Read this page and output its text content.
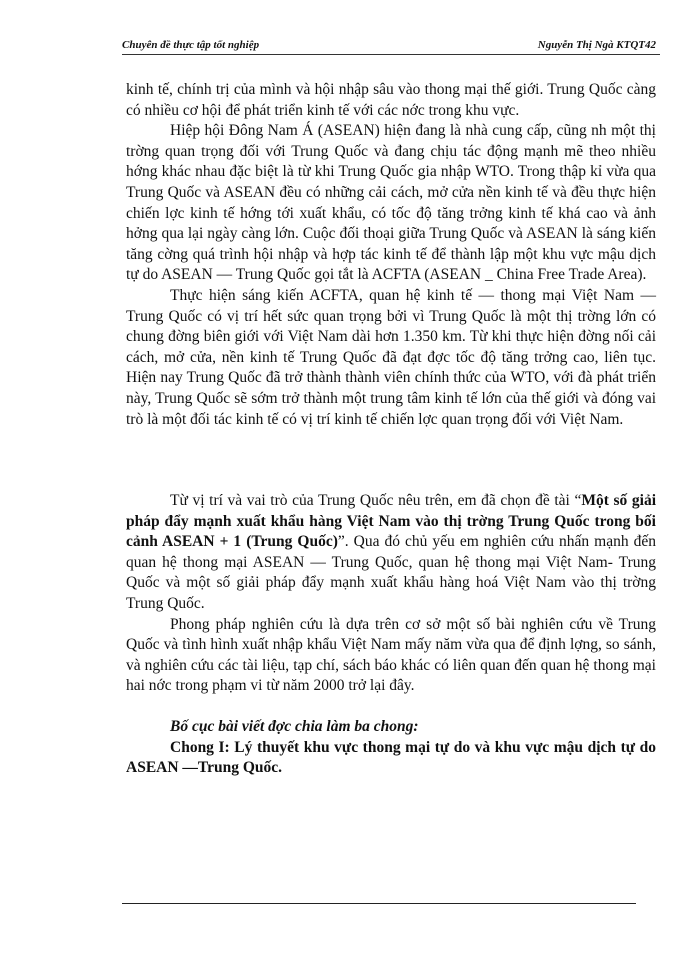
Chuyên đề thực tập tốt nghiệp	Nguyễn Thị Ngà KTQT42

kinh tế, chính trị của mình và hội nhập sâu vào thong mại thế giới. Trung Quốc càng có nhiều cơ hội để phát triển kinh tế với các nớc trong khu vực.

Hiệp hội Đông Nam Á (ASEAN) hiện đang là nhà cung cấp, cũng nh một thị trờng quan trọng đối với Trung Quốc và đang chịu tác động mạnh mẽ theo nhiều hớng khác nhau đặc biệt là từ khi Trung Quốc gia nhập WTO. Trong thập kỉ vừa qua Trung Quốc và ASEAN đều có những cải cách, mở cửa nền kinh tế và đều thực hiện chiến lợc kinh tế hớng tới xuất khẩu, có tốc độ tăng trởng kinh tế khá cao và ảnh hởng qua lại ngày càng lớn. Cuộc đối thoại giữa Trung Quốc và ASEAN là sáng kiến tăng cờng quá trình hội nhập và hợp tác kinh tế để thành lập một khu vực mậu dịch tự do ASEAN — Trung Quốc gọi tắt là ACFTA (ASEAN _ China Free Trade Area).

Thực hiện sáng kiến ACFTA, quan hệ kinh tế — thong mại Việt Nam — Trung Quốc có vị trí hết sức quan trọng bởi vì Trung Quốc là một thị trờng lớn có chung đờng biên giới với Việt Nam dài hơn 1.350 km. Từ khi thực hiện đờng nối cải cách, mở cửa, nền kinh tế Trung Quốc đã đạt đợc tốc độ tăng trởng cao, liên tục. Hiện nay Trung Quốc đã trở thành thành viên chính thức của WTO, với đà phát triển này, Trung Quốc sẽ sớm trở thành một trung tâm kinh tế lớn của thế giới và đóng vai trò là một đối tác kinh tế có vị trí kinh tế chiến lợc quan trọng đối với Việt Nam.

Từ vị trí và vai trò của Trung Quốc nêu trên, em đã chọn đề tài “Một số giải pháp đẩy mạnh xuất khẩu hàng Việt Nam vào thị trờng Trung Quốc trong bối cảnh ASEAN + 1 (Trung Quốc)”. Qua đó chủ yếu em nghiên cứu nhấn mạnh đến quan hệ thong mại ASEAN — Trung Quốc, quan hệ thong mại Việt Nam- Trung Quốc và một số giải pháp đẩy mạnh xuất khẩu hàng hoá Việt Nam vào thị trờng Trung Quốc.

Phong pháp nghiên cứu là dựa trên cơ sở một số bài nghiên cứu về Trung Quốc và tình hình xuất nhập khẩu Việt Nam mấy năm vừa qua để định lợng, so sánh, và nghiên cứu các tài liệu, tạp chí, sách báo khác có liên quan đến quan hệ thong mại hai nớc trong phạm vi từ năm 2000 trở lại đây.

Bố cục bài viết đợc chia làm ba chong:

Chong I: Lý thuyết khu vực thong mại tự do và khu vực mậu dịch tự do ASEAN —Trung Quốc.
